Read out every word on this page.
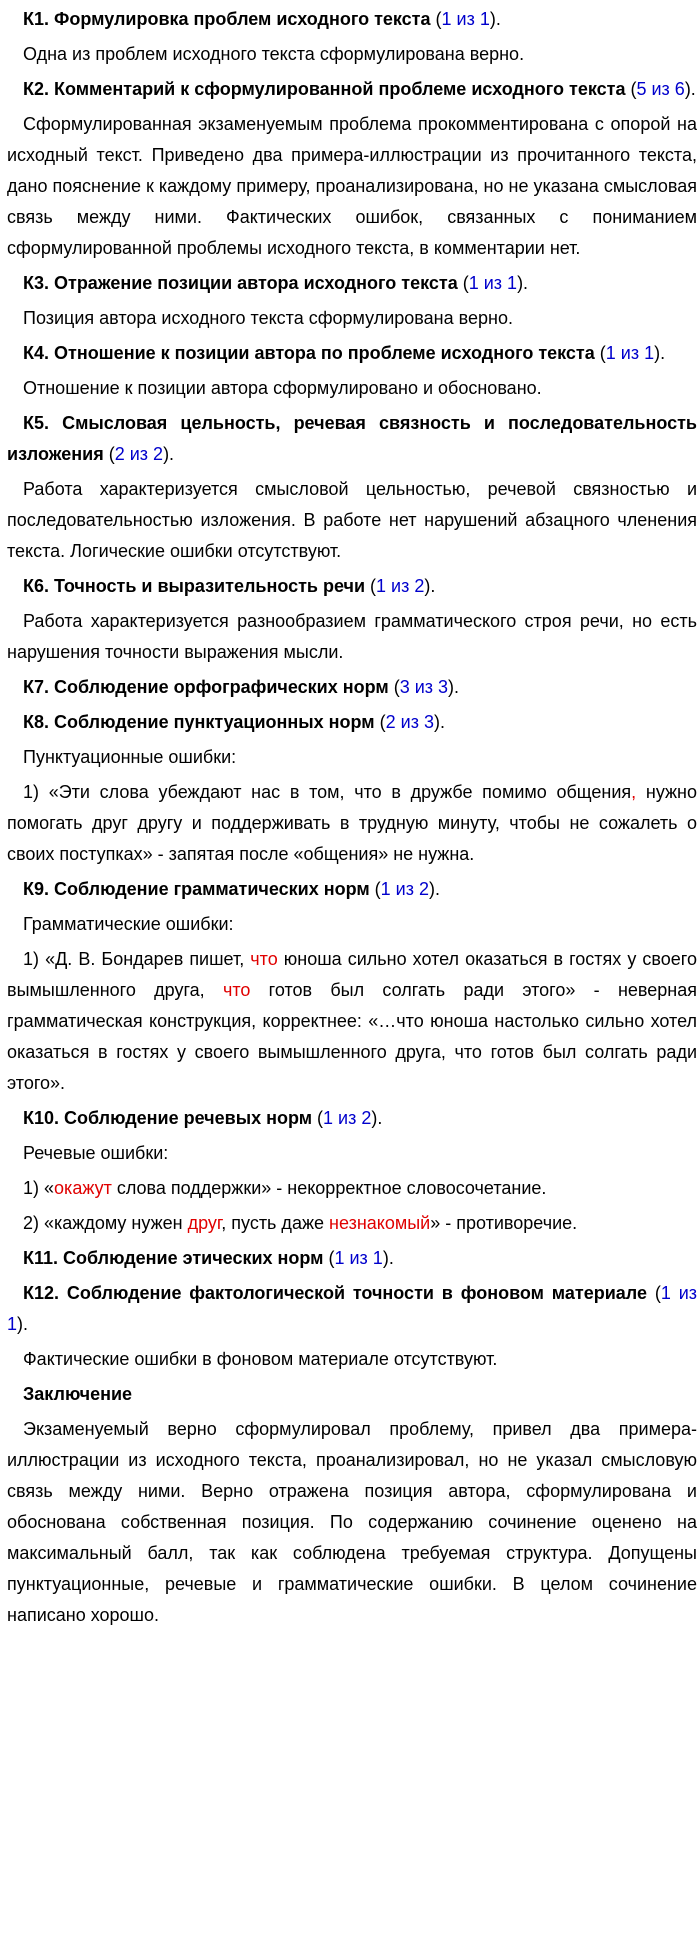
К1. Формулировка проблем исходного текста (1 из 1).

Одна из проблем исходного текста сформулирована верно.

К2. Комментарий к сформулированной проблеме исходного текста (5 из 6).

Сформулированная экзаменуемым проблема прокомментирована с опорой на исходный текст. Приведено два примера-иллюстрации из прочитанного текста, дано пояснение к каждому примеру, проанализирована, но не указана смысловая связь между ними. Фактических ошибок, связанных с пониманием сформулированной проблемы исходного текста, в комментарии нет.

К3. Отражение позиции автора исходного текста (1 из 1).

Позиция автора исходного текста сформулирована верно.

К4. Отношение к позиции автора по проблеме исходного текста (1 из 1).

Отношение к позиции автора сформулировано и обосновано.

К5. Смысловая цельность, речевая связность и последовательность изложения (2 из 2).

Работа характеризуется смысловой цельностью, речевой связностью и последовательностью изложения. В работе нет нарушений абзацного членения текста. Логические ошибки отсутствуют.

К6. Точность и выразительность речи (1 из 2).

Работа характеризуется разнообразием грамматического строя речи, но есть нарушения точности выражения мысли.

К7. Соблюдение орфографических норм (3 из 3).

К8. Соблюдение пунктуационных норм (2 из 3).

Пунктуационные ошибки:

1) «Эти слова убеждают нас в том, что в дружбе помимо общения, нужно помогать друг другу и поддерживать в трудную минуту, чтобы не сожалеть о своих поступках» - запятая после «общения» не нужна.

К9. Соблюдение грамматических норм (1 из 2).

Грамматические ошибки:

1) «Д. В. Бондарев пишет, что юноша сильно хотел оказаться в гостях у своего вымышленного друга, что готов был солгать ради этого» - неверная грамматическая конструкция, корректнее: «…что юноша настолько сильно хотел оказаться в гостях у своего вымышленного друга, что готов был солгать ради этого».

К10. Соблюдение речевых норм (1 из 2).

Речевые ошибки:

1) «окажут слова поддержки» - некорректное словосочетание.

2) «каждому нужен друг, пусть даже незнакомый» - противоречие.

К11. Соблюдение этических норм (1 из 1).

К12. Соблюдение фактологической точности в фоновом материале (1 из 1).

Фактические ошибки в фоновом материале отсутствуют.

Заключение

Экзаменуемый верно сформулировал проблему, привел два примера-иллюстрации из исходного текста, проанализировал, но не указал смысловую связь между ними. Верно отражена позиция автора, сформулирована и обоснована собственная позиция. По содержанию сочинение оценено на максимальный балл, так как соблюдена требуемая структура. Допущены пунктуационные, речевые и грамматические ошибки. В целом сочинение написано хорошо.
